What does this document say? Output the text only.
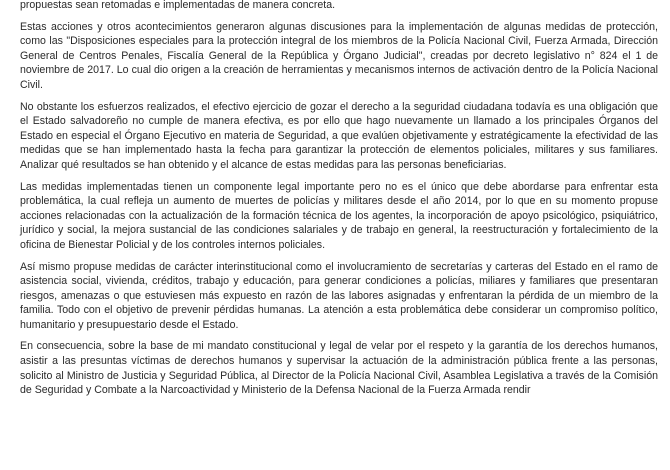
propuestas sean retomadas e implementadas de manera concreta.

Estas acciones y otros acontecimientos generaron algunas discusiones para la implementación de algunas medidas de protección, como las "Disposiciones especiales para la protección integral de los miembros de la Policía Nacional Civil, Fuerza Armada, Dirección General de Centros Penales, Fiscalía General de la República y Órgano Judicial", creadas por decreto legislativo n° 824 el 1 de noviembre de 2017. Lo cual dio origen a la creación de herramientas y mecanismos internos de activación dentro de la Policía Nacional Civil.

No obstante los esfuerzos realizados, el efectivo ejercicio de gozar el derecho a la seguridad ciudadana todavía es una obligación que el Estado salvadoreño no cumple de manera efectiva, es por ello que hago nuevamente un llamado a los principales Órganos del Estado en especial el Órgano Ejecutivo en materia de Seguridad, a que evalúen objetivamente y estratégicamente la efectividad de las medidas que se han implementado hasta la fecha para garantizar la protección de elementos policiales, militares y sus familiares. Analizar qué resultados se han obtenido y el alcance de estas medidas para las personas beneficiarias.

Las medidas implementadas tienen un componente legal importante pero no es el único que debe abordarse para enfrentar esta problemática, la cual refleja un aumento de muertes de policías y militares desde el año 2014, por lo que en su momento propuse acciones relacionadas con la actualización de la formación técnica de los agentes, la incorporación de apoyo psicológico, psiquiátrico, jurídico y social, la mejora sustancial de las condiciones salariales y de trabajo en general, la reestructuración y fortalecimiento de la oficina de Bienestar Policial y de los controles internos policiales.

Así mismo propuse medidas de carácter interinstitucional como el involucramiento de secretarías y carteras del Estado en el ramo de asistencia social, vivienda, créditos, trabajo y educación, para generar condiciones a policías, miliares y familiares que presentaran riesgos, amenazas o que estuviesen más expuesto en razón de las labores asignadas y enfrentaran la pérdida de un miembro de la familia. Todo con el objetivo de prevenir pérdidas humanas. La atención a esta problemática debe considerar un compromiso político, humanitario y presupuestario desde el Estado.

En consecuencia, sobre la base de mi mandato constitucional y legal de velar por el respeto y la garantía de los derechos humanos, asistir a las presuntas víctimas de derechos humanos y supervisar la actuación de la administración pública frente a las personas, solicito al Ministro de Justicia y Seguridad Pública, al Director de la Policía Nacional Civil, Asamblea Legislativa a través de la Comisión de Seguridad y Combate a la Narcoactividad y Ministerio de la Defensa Nacional de la Fuerza Armada rendir
